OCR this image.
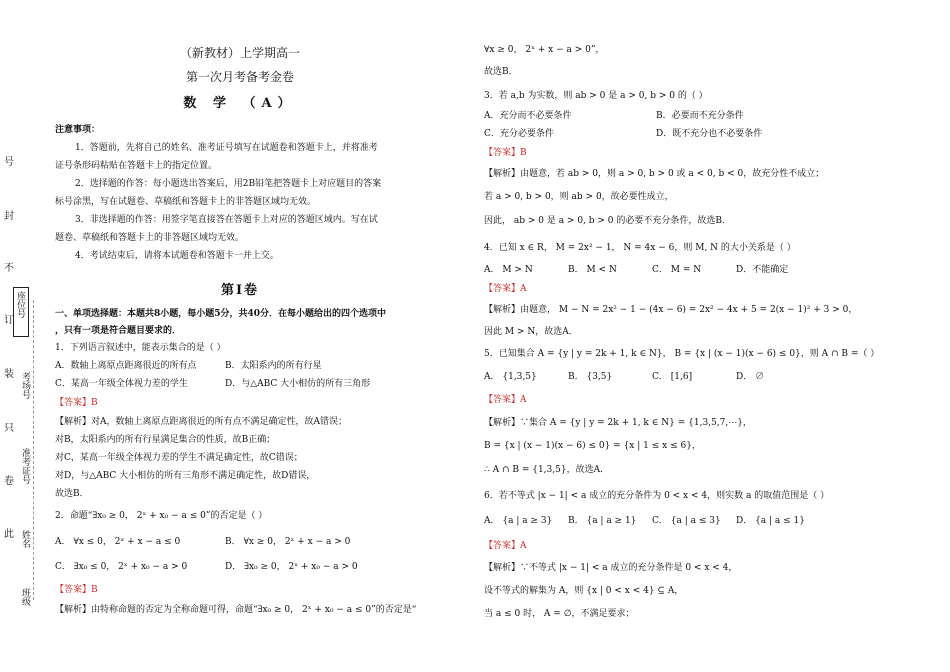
号
封
不
订
装
只
卷
此
座位号
考场号
准考证号
姓名
班级
（新教材）上学期高一
第一次月考备考金卷
数 学 （A）
注意事项：
1．答题前，先将自己的姓名、准考证号填写在试题卷和答题卡上，并将准考
证号条形码粘贴在答题卡上的指定位置。
2．选择题的作答：每小题选出答案后，用2B铅笔把答题卡上对应题目的答案
标号涂黑，写在试题卷、草稿纸和答题卡上的非答题区域均无效。
3．非选择题的作答：用签字笔直接答在答题卡上对应的答题区域内。写在试
题卷、草稿纸和答题卡上的非答题区域均无效。
4．考试结束后，请将本试题卷和答题卡一并上交。
第Ⅰ卷
一、单项选择题：本题共8小题，每小题5分，共40分．在每小题给出的四个选项中
，只有一项是符合题目要求的．
1．下列语言叙述中，能表示集合的是（ ）
A．数轴上离原点距离很近的所有点	B．太阳系内的所有行星
C．某高一年级全体视力差的学生	D．与△ABC 大小相仿的所有三角形
【答案】B
【解析】对A，数轴上离原点距离很近的所有点不满足确定性，故A错误；
对B，太阳系内的所有行星满足集合的性质，故B正确；
对C，某高一年级全体视力差的学生不满足确定性，故C错误；
对D，与△ABC 大小相仿的所有三角形不满足确定性，故D错误，
故选B．
2．命题“∃x₀ ≥ 0， 2ˣ + x₀ − a ≤ 0”的否定是（ ）
A． ∀x ≤ 0， 2ˣ + x − a ≤ 0	B． ∀x ≥ 0， 2ˣ + x − a > 0
C． ∃x₀ ≤ 0， 2ˣ + x₀ − a > 0	D． ∃x₀ ≥ 0， 2ˣ + x₀ − a > 0
【答案】B
【解析】由特称命题的否定为全称命题可得，命题“∃x₀ ≥ 0， 2ˣ + x₀ − a ≤ 0”的否定是“
∀x ≥ 0， 2ˣ + x − a > 0”，
故选B．
3．若 a,b 为实数，则 ab > 0 是 a > 0, b > 0 的（ ）
A．充分而不必要条件	B．必要而不充分条件
C．充分必要条件	D．既不充分也不必要条件
【答案】B
【解析】由题意，若 ab > 0，则 a > 0, b > 0 或 a < 0, b < 0，故充分性不成立；
若 a > 0, b > 0，则 ab > 0，故必要性成立，
因此， ab > 0 是 a > 0, b > 0 的必要不充分条件，故选B．
4．已知 x ∈ R， M = 2x² − 1， N = 4x − 6，则 M, N 的大小关系是（ ）
A． M > N	B． M < N	C． M = N	D．不能确定
【答案】A
【解析】由题意， M − N = 2x² − 1 − (4x − 6) = 2x² − 4x + 5 = 2(x − 1)² + 3 > 0，
因此 M > N，故选A．
5．已知集合 A = {y | y = 2k + 1, k ∈ N}， B = {x | (x − 1)(x − 6) ≤ 0}，则 A ∩ B =（ ）
A． {1,3,5}	B． {3,5}	C． [1,6]	D． ∅
【答案】A
【解析】∵集合 A = {y | y = 2k + 1, k ∈ N} = {1,3,5,7,⋯}，
B = {x | (x − 1)(x − 6) ≤ 0} = {x | 1 ≤ x ≤ 6}，
∴ A ∩ B = {1,3,5}，故选A．
6．若不等式 |x − 1| < a 成立的充分条件为 0 < x < 4，则实数 a 的取值范围是（ ）
A． {a | a ≥ 3} B． {a | a ≥ 1} C． {a | a ≤ 3} D． {a | a ≤ 1}
【答案】A
【解析】∵不等式 |x − 1| < a 成立的充分条件是 0 < x < 4，
设不等式的解集为 A，则 {x | 0 < x < 4} ⊆ A，
当 a ≤ 0 时， A = ∅，不满足要求；
